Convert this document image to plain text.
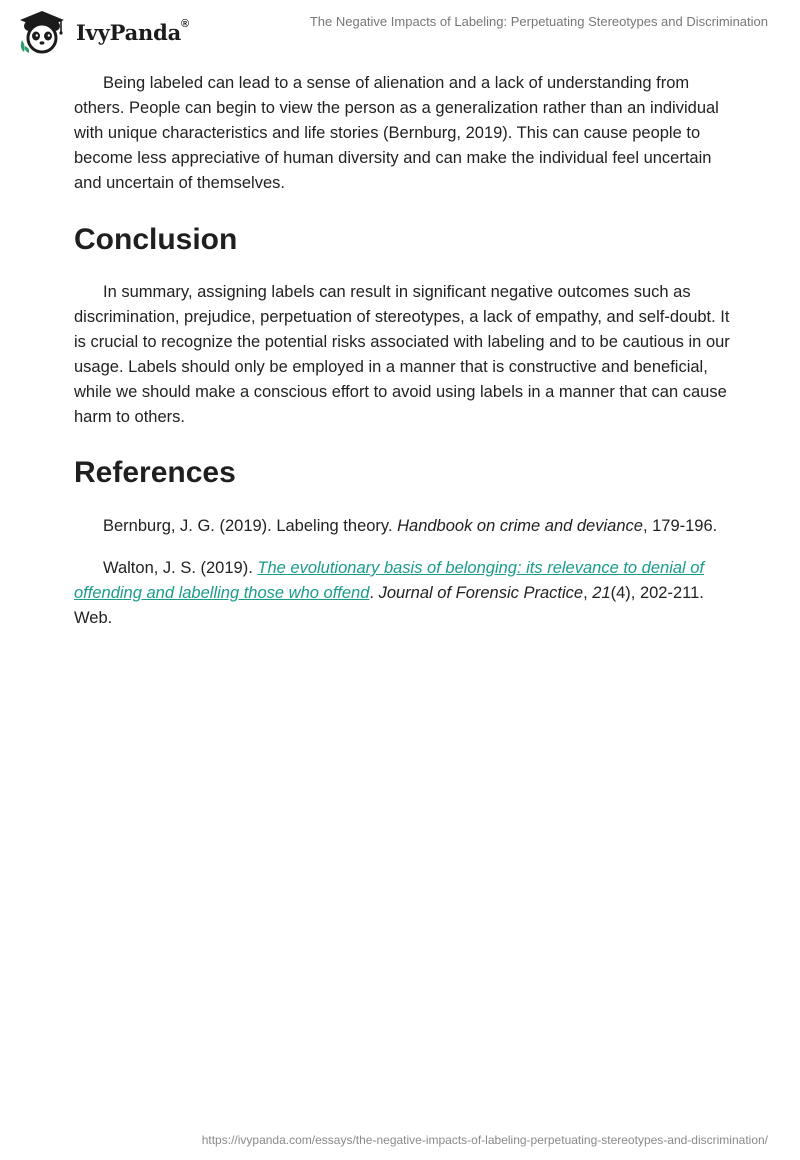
IvyPanda®	The Negative Impacts of Labeling: Perpetuating Stereotypes and Discrimination

Being labeled can lead to a sense of alienation and a lack of understanding from others. People can begin to view the person as a generalization rather than an individual with unique characteristics and life stories (Bernburg, 2019). This can cause people to become less appreciative of human diversity and can make the individual feel uncertain and uncertain of themselves.

Conclusion

In summary, assigning labels can result in significant negative outcomes such as discrimination, prejudice, perpetuation of stereotypes, a lack of empathy, and self-doubt. It is crucial to recognize the potential risks associated with labeling and to be cautious in our usage. Labels should only be employed in a manner that is constructive and beneficial, while we should make a conscious effort to avoid using labels in a manner that can cause harm to others.

References

Bernburg, J. G. (2019). Labeling theory. Handbook on crime and deviance, 179-196.

Walton, J. S. (2019). The evolutionary basis of belonging: its relevance to denial of offending and labelling those who offend. Journal of Forensic Practice, 21(4), 202-211. Web.

https://ivypanda.com/essays/the-negative-impacts-of-labeling-perpetuating-stereotypes-and-discrimination/
